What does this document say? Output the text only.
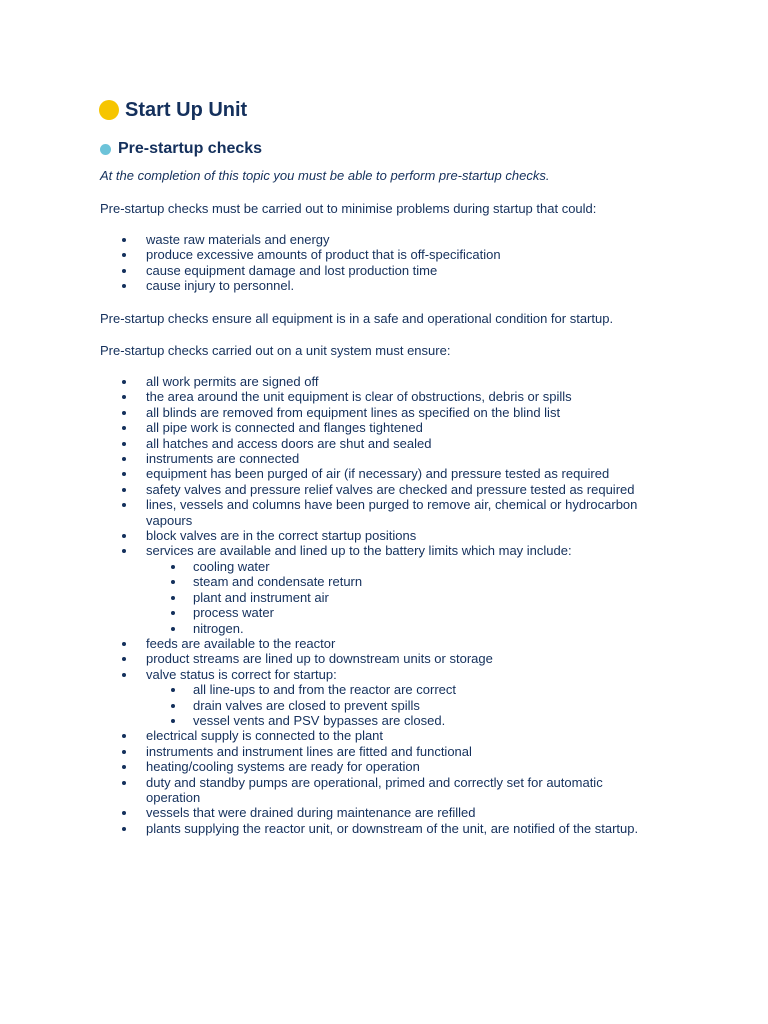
Start Up Unit
Pre-startup checks
At the completion of this topic you must be able to perform pre-startup checks.
Pre-startup checks must be carried out to minimise problems during startup that could:
waste raw materials and energy
produce excessive amounts of product that is off-specification
cause equipment damage and lost production time
cause injury to personnel.
Pre-startup checks ensure all equipment is in a safe and operational condition for startup.
Pre-startup checks carried out on a unit system must ensure:
all work permits are signed off
the area around the unit equipment is clear of obstructions, debris or spills
all blinds are removed from equipment lines as specified on the blind list
all pipe work is connected and flanges tightened
all hatches and access doors are shut and sealed
instruments are connected
equipment has been purged of air (if necessary) and pressure tested as required
safety valves and pressure relief valves are checked and pressure tested as required
lines, vessels and columns have been purged to remove air, chemical or hydrocarbon vapours
block valves are in the correct startup positions
services are available and lined up to the battery limits which may include:
cooling water
steam and condensate return
plant and instrument air
process water
nitrogen.
feeds are available to the reactor
product streams are lined up to downstream units or storage
valve status is correct for startup:
all line-ups to and from the reactor are correct
drain valves are closed to prevent spills
vessel vents and PSV bypasses are closed.
electrical supply is connected to the plant
instruments and instrument lines are fitted and functional
heating/cooling systems are ready for operation
duty and standby pumps are operational, primed and correctly set for automatic operation
vessels that were drained during maintenance are refilled
plants supplying the reactor unit, or downstream of the unit, are notified of the startup.
